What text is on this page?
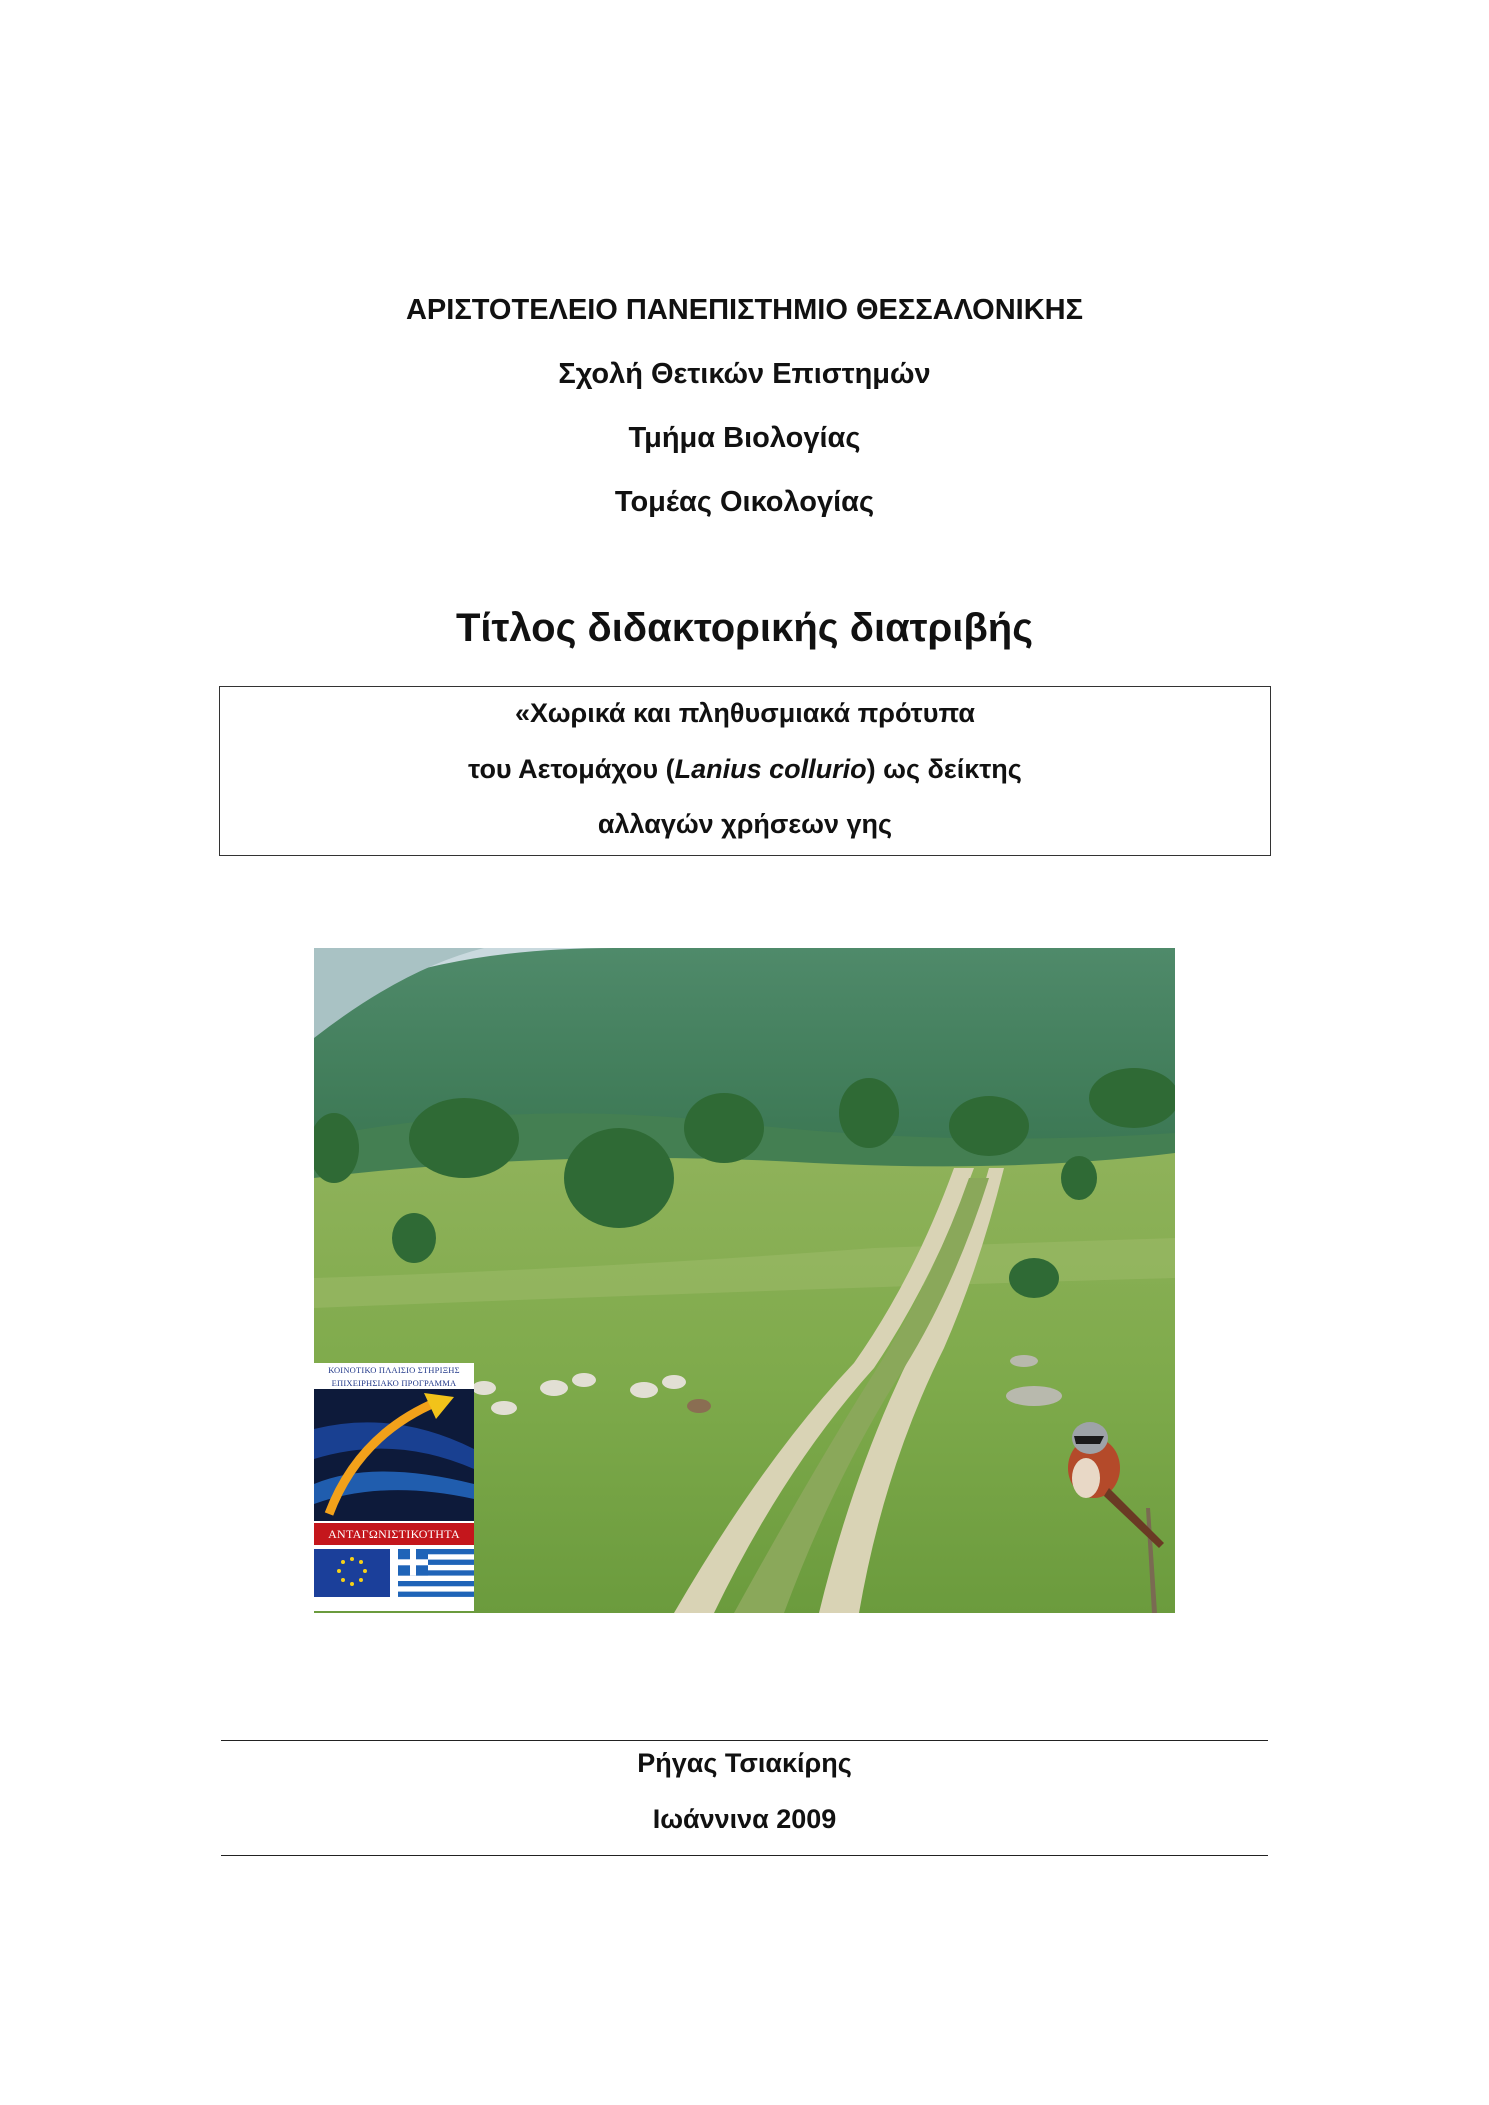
ΑΡΙΣΤΟΤΕΛΕΙΟ ΠΑΝΕΠΙΣΤΗΜΙΟ ΘΕΣΣΑΛΟΝΙΚΗΣ
Σχολή Θετικών Επιστημών
Τμήμα Βιολογίας
Τομέας Οικολογίας
Τίτλος διδακτορικής διατριβής
«Χωρικά και πληθυσμιακά πρότυπα
του Αετομάχου (Lanius collurio) ως δείκτης
αλλαγών χρήσεων γης
ΚΟΙΝΟΤΙΚΟ ΠΛΑΙΣΙΟ ΣΤΗΡΙΞΗΣ
ΕΠΙΧΕΙΡΗΣΙΑΚΟ ΠΡΟΓΡΑΜΜΑ
ΑΝΤΑΓΩΝΙΣΤΙΚΟΤΗΤΑ
Ρήγας Τσιακίρης
Ιωάννινα 2009
